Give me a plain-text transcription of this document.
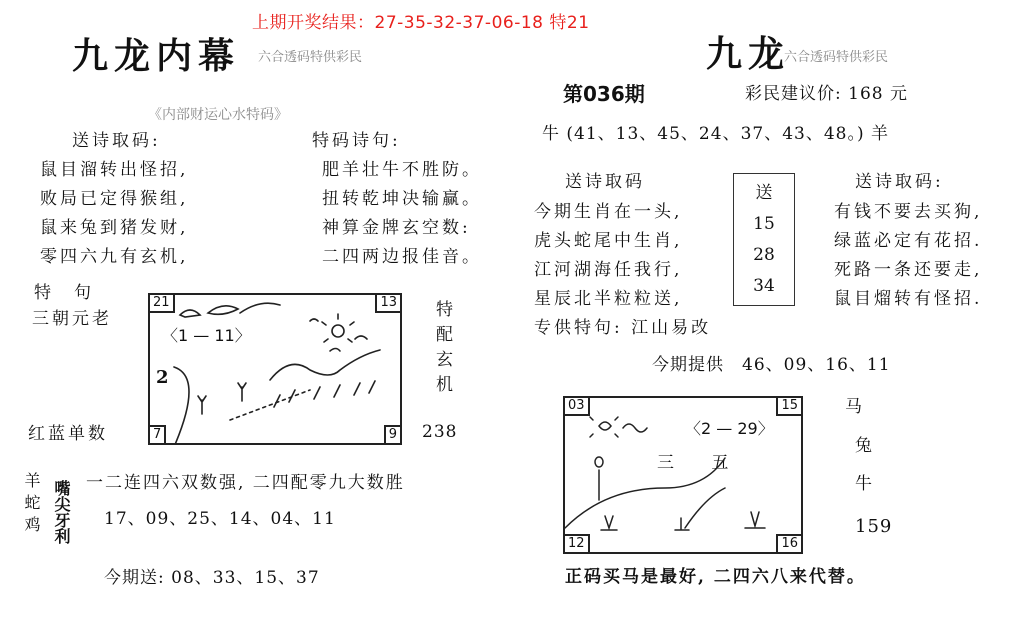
上期开奖结果：27-35-32-37-06-18 特21
九龙内幕 六合透码特供彩民
《内部财运心水特码》
送诗取码:
鼠目溜转出怪招,
败局已定得猴组,
鼠来兔到猪发财,
零四六九有玄机,
特码诗句:
肥羊壮牛不胜防。
扭转乾坤决输赢。
神算金牌玄空数:
二四两边报佳音。
特　句
三朝元老
红蓝单数
21	13
7	9
〈1 — 11〉
2	特配玄机
238
羊蛇鸡 嘴尖牙利 一二连四六双数强, 二四配零九大数胜
17、09、25、14、04、11
今期送: 08、33、15、37
九龙
六合透码特供彩民
第036期	彩民建议价: 168 元
牛 (41、13、45、24、37、43、48。) 羊
送诗取码
今期生肖在一头,
虎头蛇尾中生肖,
江河湖海任我行,
星辰北半粒粒送,
专供特句: 江山易改
送
15
28
34
送诗取码:
有钱不要去买狗,
绿蓝必定有花招.
死路一条还要走,
鼠目熘转有怪招.
今期提供　46、09、16、11
03	15
12	16
〈2 — 29〉
三 五
马
兔
牛
159
正码买马是最好, 二四六八来代替。
